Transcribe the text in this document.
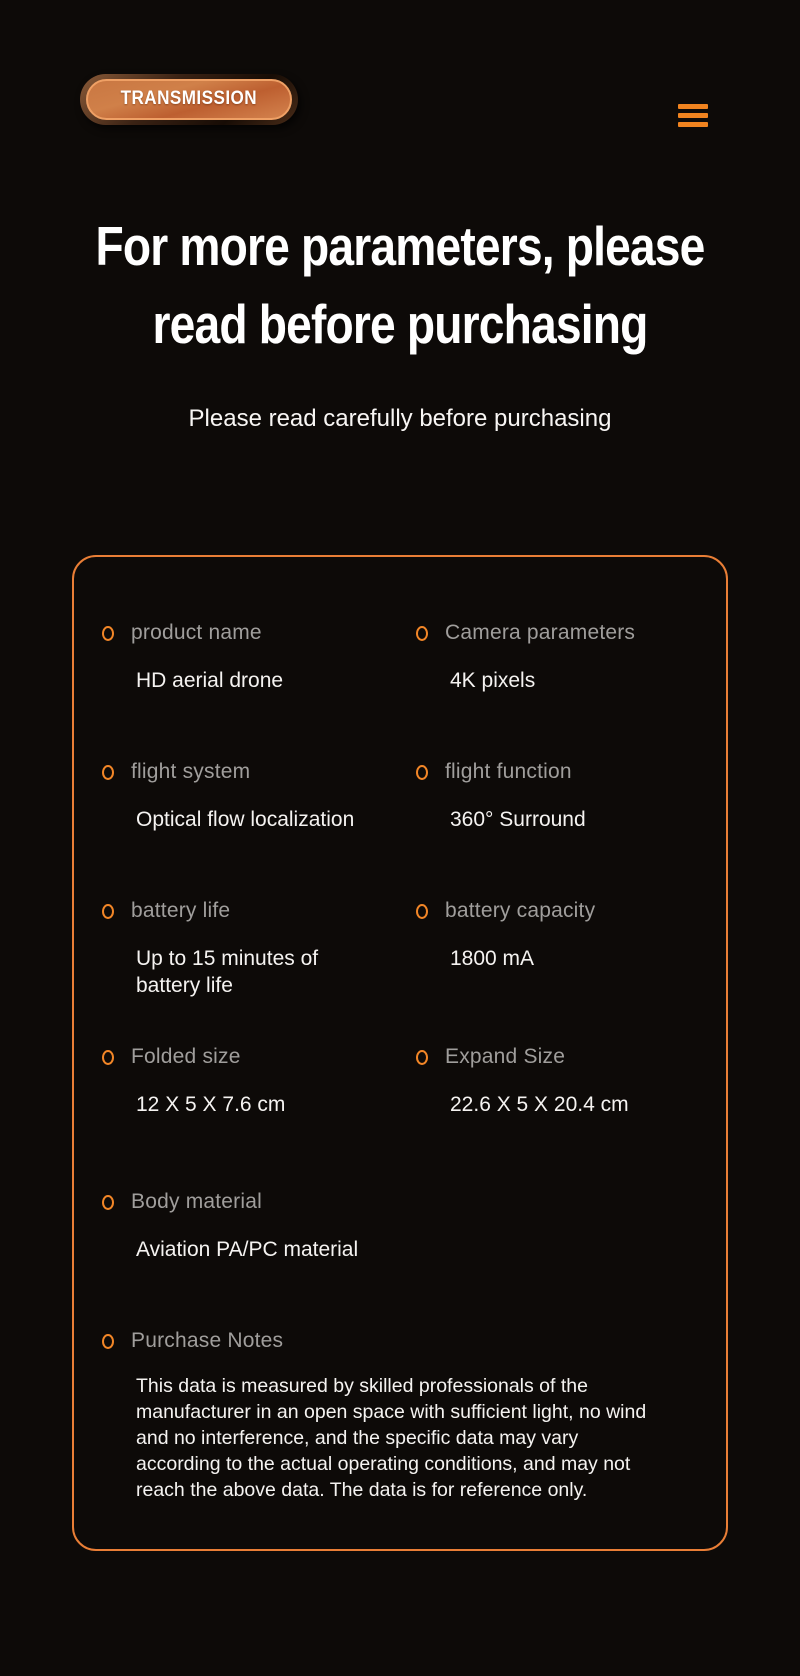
TRANSMISSION
For more parameters, please
read before purchasing

Please read carefully before purchasing

product name
HD aerial drone
Camera parameters
4K pixels
flight system
Optical flow localization
flight function
360° Surround
battery life
Up to 15 minutes of battery life
battery capacity
1800 mA
Folded size
12 X 5 X 7.6 cm
Expand Size
22.6 X 5 X 20.4 cm
Body material
Aviation PA/PC material
Purchase Notes
This data is measured by skilled professionals of the manufacturer in an open space with sufficient light, no wind and no interference, and the specific data may vary according to the actual operating conditions, and may not reach the above data. The data is for reference only.
